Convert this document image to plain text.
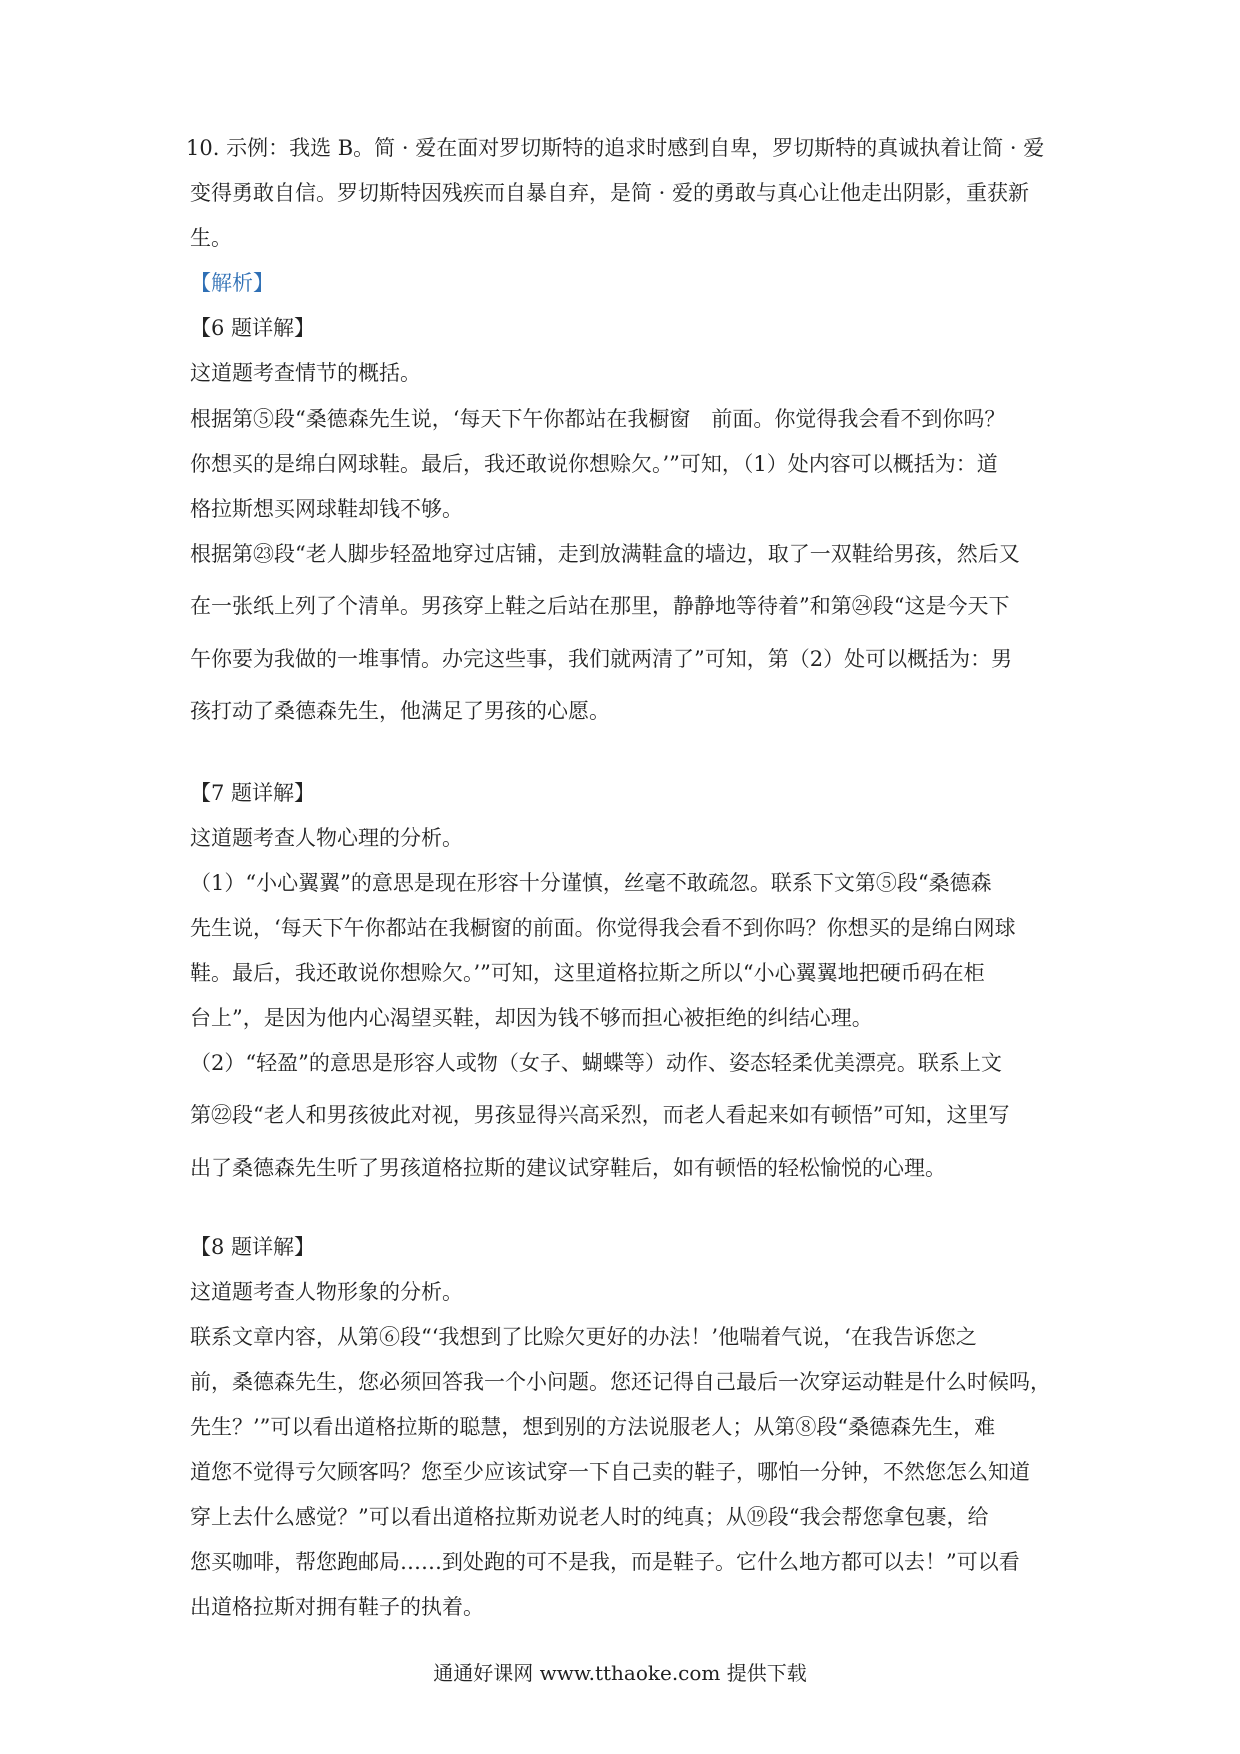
10. 示例：我选 B。简 · 爱在面对罗切斯特的追求时感到自卑，罗切斯特的真诚执着让简 · 爱

变得勇敢自信。罗切斯特因残疾而自暴自弃，是简 · 爱的勇敢与真心让他走出阴影，重获新

生。

【解析】

【6 题详解】

这道题考查情节的概括。

根据第⑤段“桑德森先生说，‘每天下午你都站在我橱窗　前面。你觉得我会看不到你吗？

你想买的是绵白网球鞋。最后，我还敢说你想赊欠。’”可知，（1）处内容可以概括为：道

格拉斯想买网球鞋却钱不够。

根据第㉓段“老人脚步轻盈地穿过店铺，走到放满鞋盒的墙边，取了一双鞋给男孩，然后又

在一张纸上列了个清单。男孩穿上鞋之后站在那里，静静地等待着”和第㉔段“这是今天下

午你要为我做的一堆事情。办完这些事，我们就两清了”可知，第（2）处可以概括为：男

孩打动了桑德森先生，他满足了男孩的心愿。

【7 题详解】

这道题考查人物心理的分析。

（1）“小心翼翼”的意思是现在形容十分谨慎，丝毫不敢疏忽。联系下文第⑤段“桑德森

先生说，‘每天下午你都站在我橱窗的前面。你觉得我会看不到你吗？你想买的是绵白网球

鞋。最后，我还敢说你想赊欠。’”可知，这里道格拉斯之所以“小心翼翼地把硬币码在柜

台上”，是因为他内心渴望买鞋，却因为钱不够而担心被拒绝的纠结心理。

（2）“轻盈”的意思是形容人或物（女子、蝴蝶等）动作、姿态轻柔优美漂亮。联系上文

第㉒段“老人和男孩彼此对视，男孩显得兴高采烈，而老人看起来如有顿悟”可知，这里写

出了桑德森先生听了男孩道格拉斯的建议试穿鞋后，如有顿悟的轻松愉悦的心理。

【8 题详解】

这道题考查人物形象的分析。

联系文章内容，从第⑥段“‘我想到了比赊欠更好的办法！’他喘着气说，‘在我告诉您之

前，桑德森先生，您必须回答我一个小问题。您还记得自己最后一次穿运动鞋是什么时候吗，

先生？’”可以看出道格拉斯的聪慧，想到别的方法说服老人；从第⑧段“桑德森先生，难

道您不觉得亏欠顾客吗？您至少应该试穿一下自己卖的鞋子，哪怕一分钟，不然您怎么知道

穿上去什么感觉？”可以看出道格拉斯劝说老人时的纯真；从⑲段“我会帮您拿包裹，给

您买咖啡，帮您跑邮局……到处跑的可不是我，而是鞋子。它什么地方都可以去！”可以看

出道格拉斯对拥有鞋子的执着。

通通好课网 www.tthaoke.com 提供下载
